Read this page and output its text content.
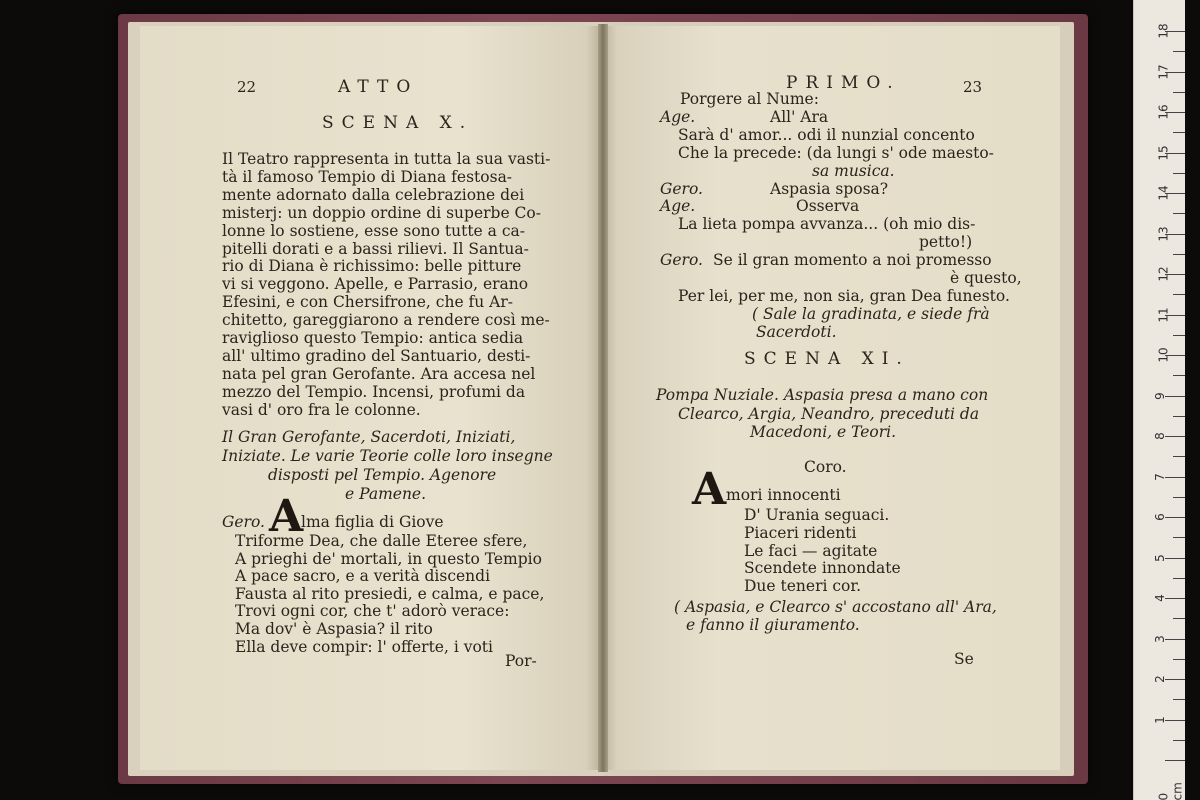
22	ATTO
SCENA X.
Il Teatro rappresenta in tutta la sua vasti-
tà il famoso Tempio di Diana festosa-
mente adornato dalla celebrazione dei
misterj: un doppio ordine di superbe Co-
lonne lo sostiene, esse sono tutte a ca-
pitelli dorati e a bassi rilievi. Il Santua-
rio di Diana è richissimo: belle pitture
vi si veggono. Apelle, e Parrasio, erano
Efesini, e con Chersifrone, che fu Ar-
chitetto, gareggiarono a rendere così me-
raviglioso questo Tempio: antica sedia
all' ultimo gradino del Santuario, desti-
nata pel gran Gerofante. Ara accesa nel
mezzo del Tempio. Incensi, profumi da
vasi d' oro fra le colonne.
Il Gran Gerofante, Sacerdoti, Iniziati,
Iniziate. Le varie Teorie colle loro insegne
disposti pel Tempio. Agenore
e Pamene.
Gero. A
lma figlia di Giove
Triforme Dea, che dalle Eteree sfere,
A prieghi de' mortali, in questo Tempio
A pace sacro, e a verità discendi
Fausta al rito presiedi, e calma, e pace,
Trovi ogni cor, che t' adorò verace:
Ma dov' è Aspasia? il rito
Ella deve compir: l' offerte, i voti
Por-
PRIMO.	23
Porgere al Nume:
Age.	All' Ara
Sarà d' amor... odi il nunzial concento
Che la precede: (da lungi s' ode maesto-
sa musica.
Gero.	Aspasia sposa?
Age.	Osserva
La lieta pompa avvanza... (oh mio dis-
petto!)
Gero. Se il gran momento a noi promesso
è questo,
Per lei, per me, non sia, gran Dea funesto.
( Sale la gradinata, e siede frà
Sacerdoti.
SCENA XI.
Pompa Nuziale. Aspasia presa a mano con
Clearco, Argia, Neandro, preceduti da
Macedoni, e Teori.
Coro.
A mori innocenti
D' Urania seguaci.
Piaceri ridenti
Le faci — agitate
Scendete innondate
Due teneri cor.
( Aspasia, e Clearco s' accostano all' Ara,
e fanno il giuramento.
Se
1
2
3
4
5
6
7
8
9
10
11
12
13
14
15
16
17
18
0 cm
